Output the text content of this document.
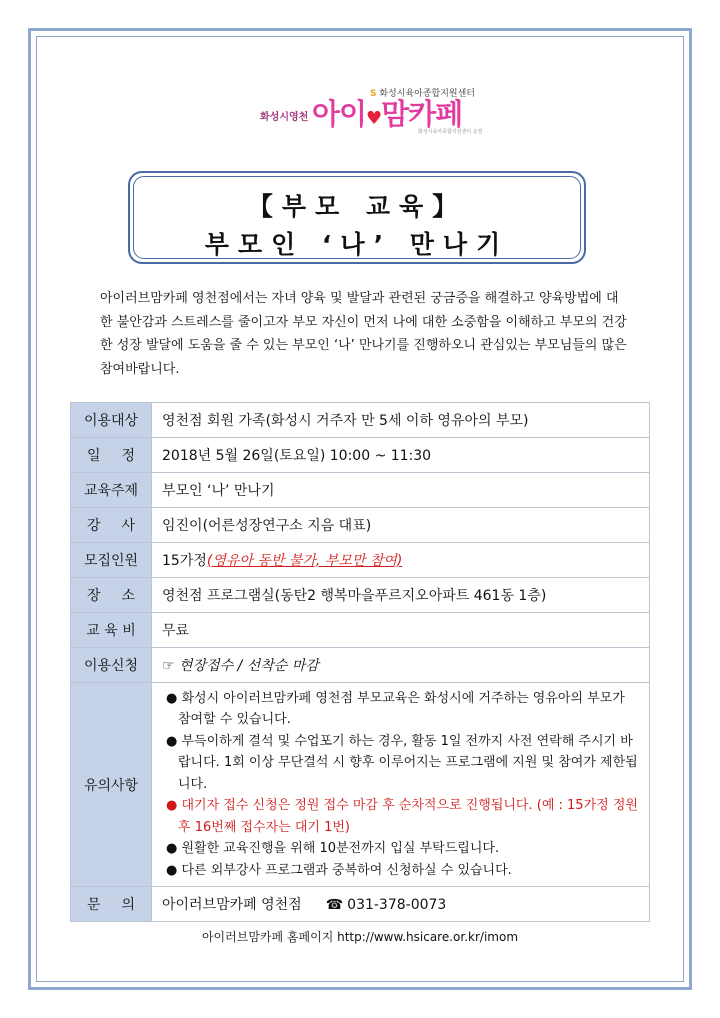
화성시영천
S 화성시육아종합지원센터
아이♥맘카페
화성시육아종합지원센터 운영
【부모 교육】
부모인 ‘나’ 만나기
아이러브맘카페 영천점에서는 자녀 양육 및 발달과 관련된 궁금증을 해결하고 양육방법에 대한 불안감과 스트레스를 줄이고자 부모 자신이 먼저 나에 대한 소중함을 이해하고 부모의 건강한 성장 발달에 도움을 줄 수 있는 부모인 ‘나’ 만나기를 진행하오니 관심있는 부모님들의 많은 참여바랍니다.
이용대상	영천점 회원 가족(화성시 거주자 만 5세 이하 영유아의 부모)
일 정	2018년 5월 26일(토요일) 10:00 ~ 11:30
교육주제	부모인 ‘나’ 만나기
강 사	임진이(어른성장연구소 지음 대표)
모집인원	15가정(영유아 동반 불가, 부모만 참여)
장 소	영천점 프로그램실(동탄2 행복마을푸르지오아파트 461동 1층)
교 육 비	무료
이용신청	☞ 현장접수 / 선착순 마감
유의사항	● 화성시 아이러브맘카페 영천점 부모교육은 화성시에 거주하는 영유아의 부모가 참여할 수 있습니다.
● 부득이하게 결석 및 수업포기 하는 경우, 활동 1일 전까지 사전 연락해 주시기 바랍니다. 1회 이상 무단결석 시 향후 이루어지는 프로그램에 지원 및 참여가 제한됩니다.
● 대기자 접수 신청은 정원 접수 마감 후 순차적으로 진행됩니다. (예 : 15가정 정원 후 16번째 접수자는 대기 1번)
● 원활한 교육진행을 위해 10분전까지 입실 부탁드립니다.
● 다른 외부강사 프로그램과 중복하여 신청하실 수 있습니다.

문 의	아이러브맘카페 영천점 ☎ 031-378-0073
아이러브맘카페 홈페이지 http://www.hsicare.or.kr/imom
